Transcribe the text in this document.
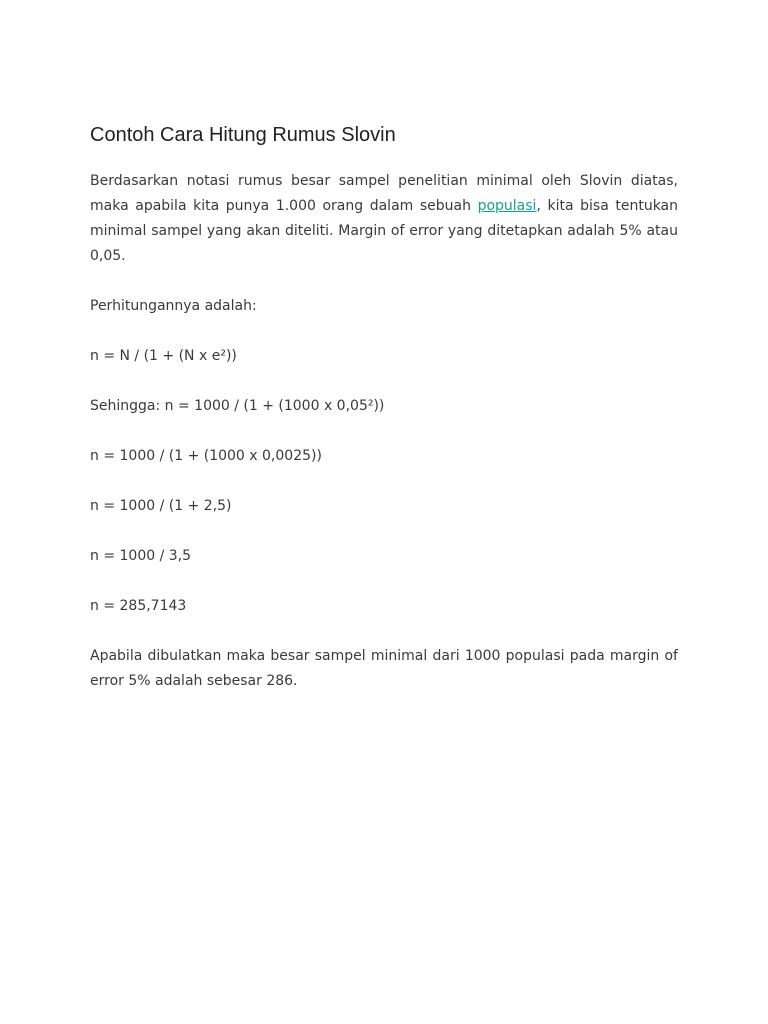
Contoh Cara Hitung Rumus Slovin

Berdasarkan notasi rumus besar sampel penelitian minimal oleh Slovin diatas, maka apabila kita punya 1.000 orang dalam sebuah populasi, kita bisa tentukan minimal sampel yang akan diteliti. Margin of error yang ditetapkan adalah 5% atau 0,05.

Perhitungannya adalah:

n = N / (1 + (N x e²))

Sehingga: n = 1000 / (1 + (1000 x 0,05²))

n = 1000 / (1 + (1000 x 0,0025))

n = 1000 / (1 + 2,5)

n = 1000 / 3,5

n = 285,7143

Apabila dibulatkan maka besar sampel minimal dari 1000 populasi pada margin of error 5% adalah sebesar 286.
